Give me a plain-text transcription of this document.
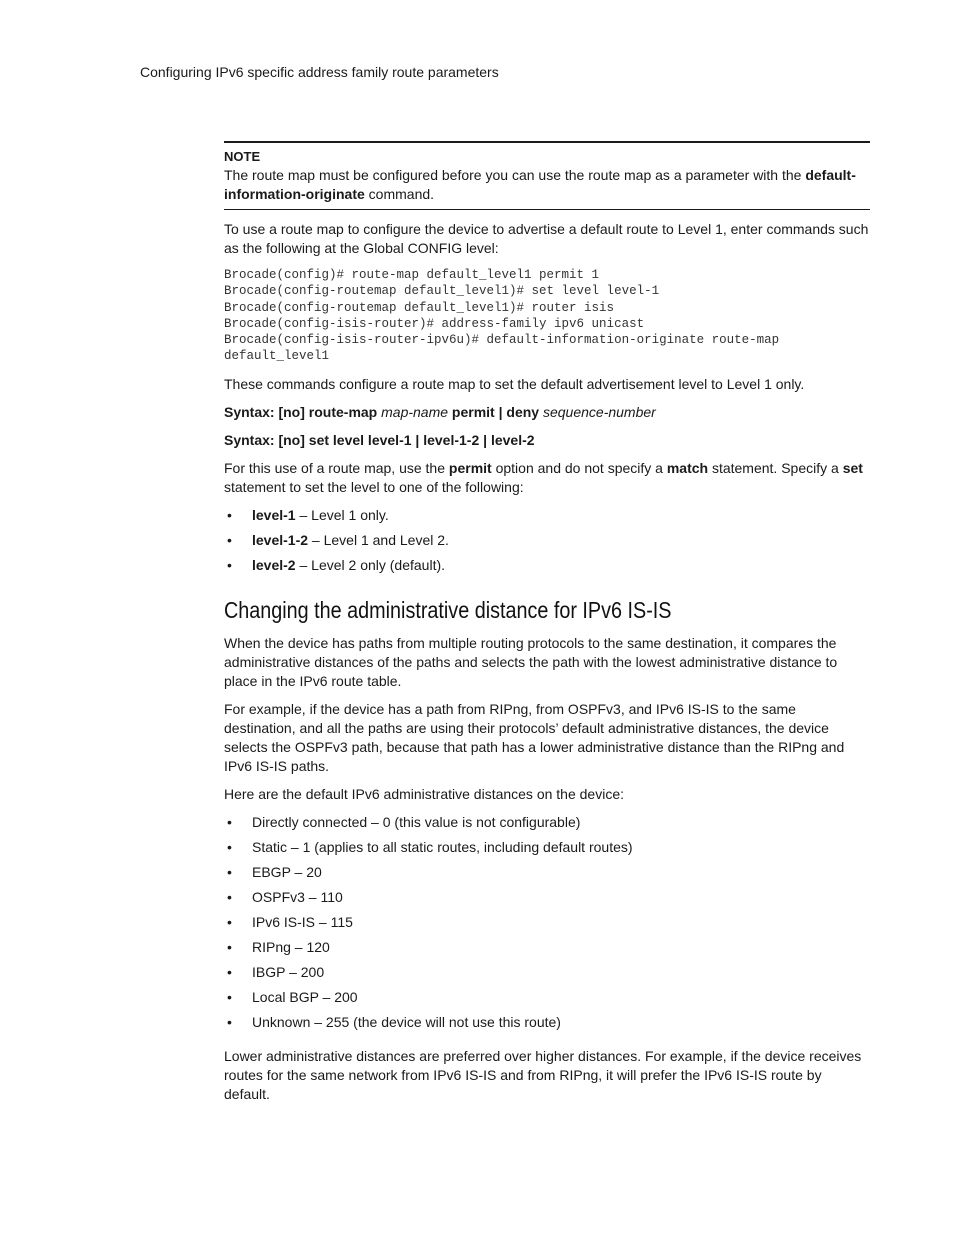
Configuring IPv6 specific address family route parameters
NOTE
The route map must be configured before you can use the route map as a parameter with the default-information-originate command.

To use a route map to configure the device to advertise a default route to Level 1, enter commands such as the following at the Global CONFIG level:

Brocade(config)# route-map default_level1 permit 1
Brocade(config-routemap default_level1)# set level level-1
Brocade(config-routemap default_level1)# router isis
Brocade(config-isis-router)# address-family ipv6 unicast
Brocade(config-isis-router-ipv6u)# default-information-originate route-map
default_level1

These commands configure a route map to set the default advertisement level to Level 1 only.

Syntax: [no] route-map map-name permit | deny sequence-number
Syntax: [no] set level level-1 | level-1-2 | level-2

For this use of a route map, use the permit option and do not specify a match statement. Specify a set statement to set the level to one of the following:

• level-1 – Level 1 only.
• level-1-2 – Level 1 and Level 2.
• level-2 – Level 2 only (default).
Changing the administrative distance for IPv6 IS-IS

When the device has paths from multiple routing protocols to the same destination, it compares the administrative distances of the paths and selects the path with the lowest administrative distance to place in the IPv6 route table.

For example, if the device has a path from RIPng, from OSPFv3, and IPv6 IS-IS to the same destination, and all the paths are using their protocols’ default administrative distances, the device selects the OSPFv3 path, because that path has a lower administrative distance than the RIPng and IPv6 IS-IS paths.

Here are the default IPv6 administrative distances on the device:

• Directly connected – 0 (this value is not configurable)
• Static – 1 (applies to all static routes, including default routes)
• EBGP – 20
• OSPFv3 – 110
• IPv6 IS-IS – 115
• RIPng – 120
• IBGP – 200
• Local BGP – 200
• Unknown – 255 (the device will not use this route)

Lower administrative distances are preferred over higher distances. For example, if the device receives routes for the same network from IPv6 IS-IS and from RIPng, it will prefer the IPv6 IS-IS route by default.
